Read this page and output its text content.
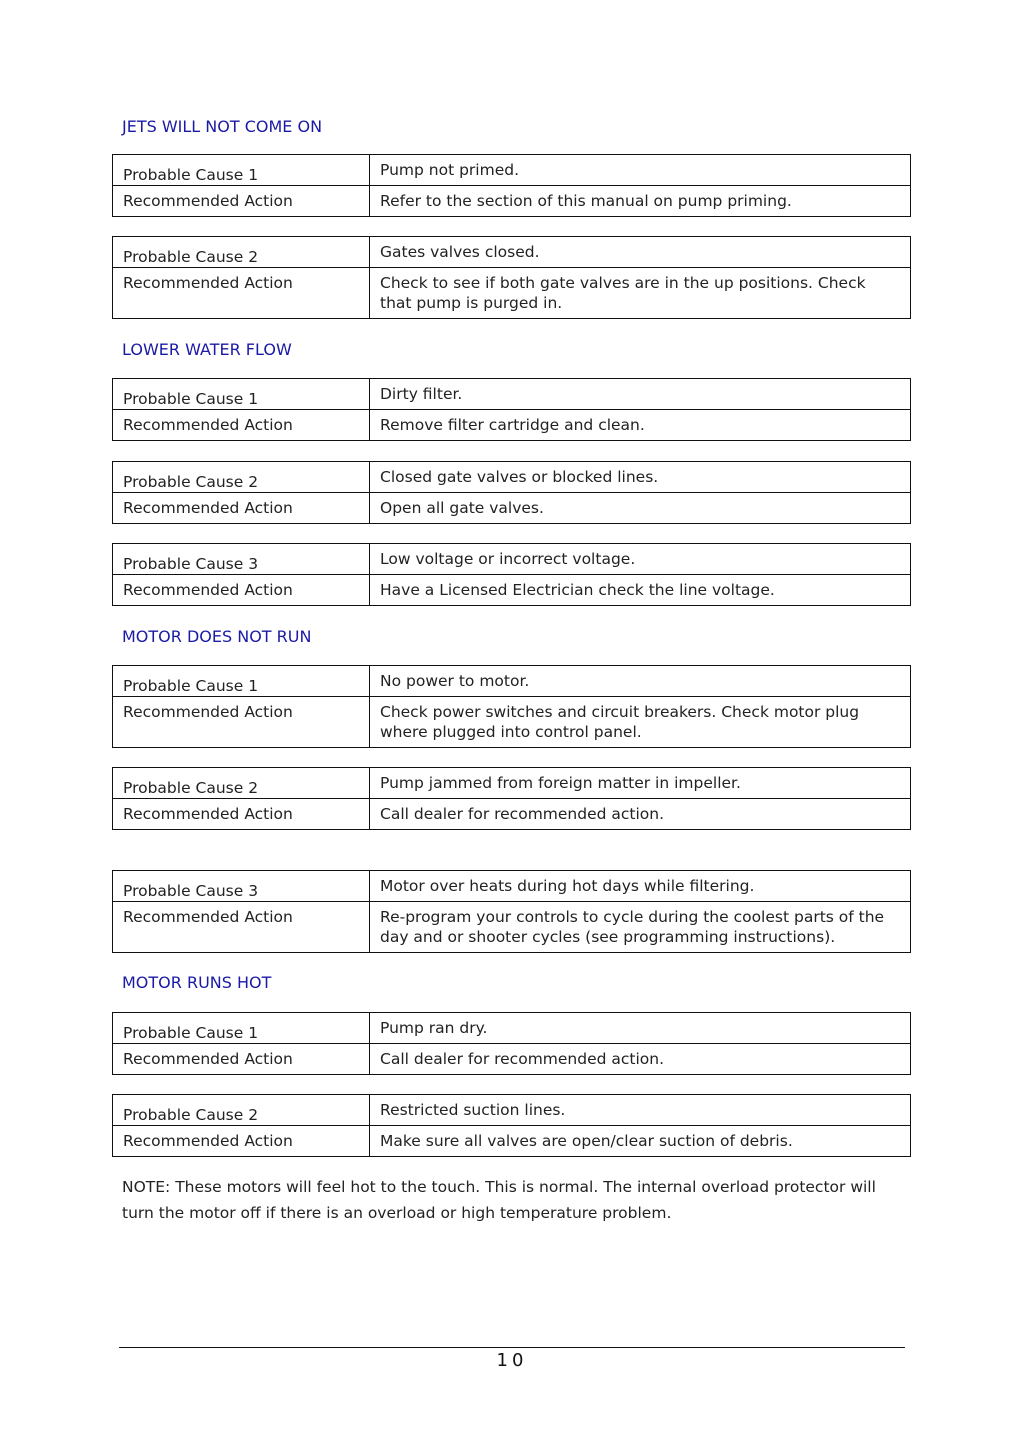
JETS WILL NOT COME ON
Probable Cause 1	Pump not primed.
Recommended Action	Refer to the section of this manual on pump priming.
Probable Cause 2	Gates valves closed.
Recommended Action	Check to see if both gate valves are in the up positions. Check that pump is purged in.
LOWER WATER FLOW
Probable Cause 1	Dirty filter.
Recommended Action	Remove filter cartridge and clean.
Probable Cause 2	Closed gate valves or blocked lines.
Recommended Action	Open all gate valves.
Probable Cause 3	Low voltage or incorrect voltage.
Recommended Action	Have a Licensed Electrician check the line voltage.
MOTOR DOES NOT RUN
Probable Cause 1	No power to motor.
Recommended Action	Check power switches and circuit breakers. Check motor plug where plugged into control panel.
Probable Cause 2	Pump jammed from foreign matter in impeller.
Recommended Action	Call dealer for recommended action.
Probable Cause 3	Motor over heats during hot days while filtering.
Recommended Action	Re-program your controls to cycle during the coolest parts of the day and or shooter cycles (see programming instructions).
MOTOR RUNS HOT
Probable Cause 1	Pump ran dry.
Recommended Action	Call dealer for recommended action.
Probable Cause 2	Restricted suction lines.
Recommended Action	Make sure all valves are open/clear suction of debris.

NOTE: These motors will feel hot to the touch. This is normal. The internal overload protector will turn the motor off if there is an overload or high temperature problem.

10
